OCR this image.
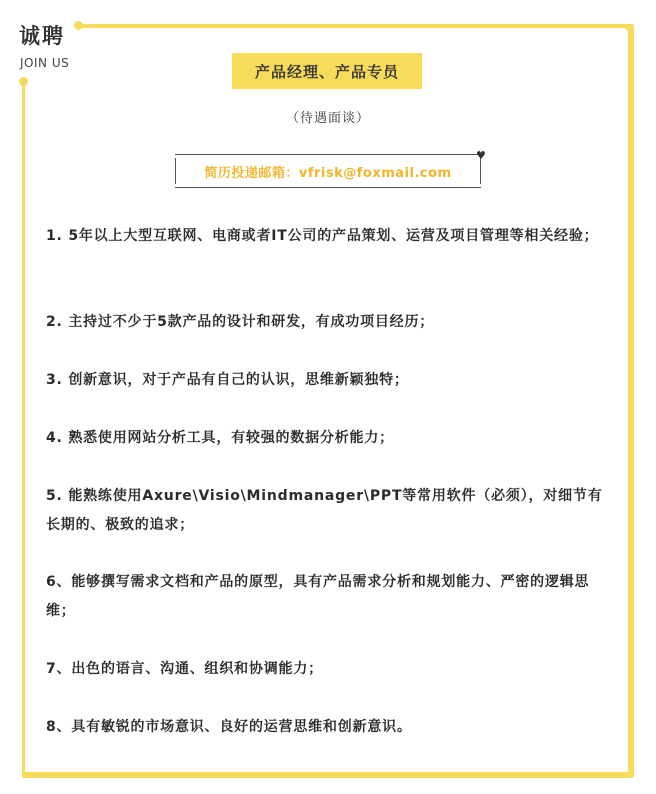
诚聘
JOIN US	产品经理、产品专员
（待遇面谈）
♥
简历投递邮箱：vfrisk@foxmail.com
1. 5年以上大型互联网、电商或者IT公司的产品策划、运营及项目管理等相关经验；
2. 主持过不少于5款产品的设计和研发，有成功项目经历；
3. 创新意识，对于产品有自己的认识，思维新颖独特；
4. 熟悉使用网站分析工具，有较强的数据分析能力；
5. 能熟练使用Axure\Visio\Mindmanager\PPT等常用软件（必须），对细节有长期的、极致的追求；
6、能够撰写需求文档和产品的原型，具有产品需求分析和规划能力、严密的逻辑思维；
7、出色的语言、沟通、组织和协调能力；
8、具有敏锐的市场意识、良好的运营思维和创新意识。
